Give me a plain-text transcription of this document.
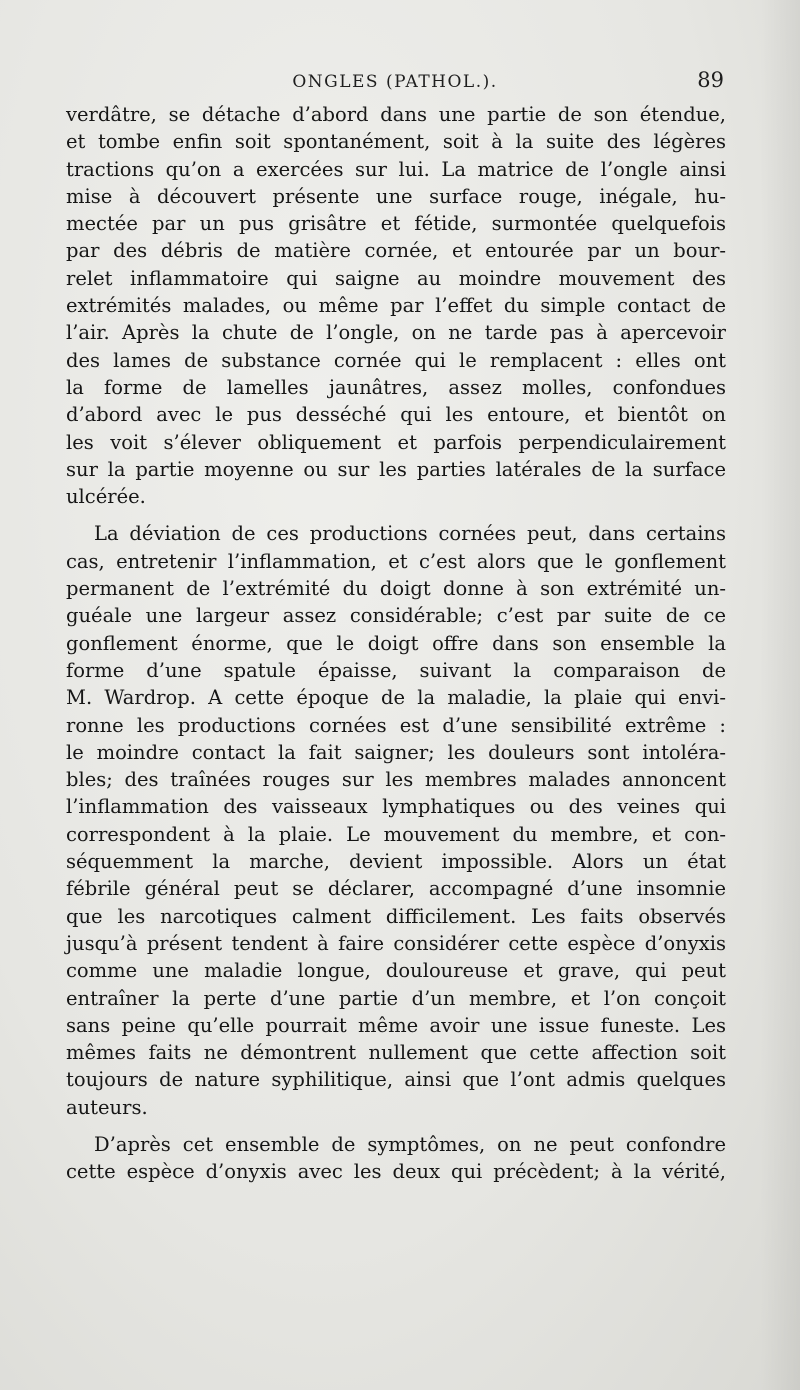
ONGLES (PATHOL.).	89
verdâtre, se détache d’abord dans une partie de son étendue,
et tombe enfin soit spontanément, soit à la suite des légères
tractions qu’on a exercées sur lui. La matrice de l’ongle ainsi
mise à découvert présente une surface rouge, inégale, hu-
mectée par un pus grisâtre et fétide, surmontée quelquefois
par des débris de matière cornée, et entourée par un bour-
relet inflammatoire qui saigne au moindre mouvement des
extrémités malades, ou même par l’effet du simple contact de
l’air. Après la chute de l’ongle, on ne tarde pas à apercevoir
des lames de substance cornée qui le remplacent : elles ont
la forme de lamelles jaunâtres, assez molles, confondues
d’abord avec le pus desséché qui les entoure, et bientôt on
les voit s’élever obliquement et parfois perpendiculairement
sur la partie moyenne ou sur les parties latérales de la surface
ulcérée.
La déviation de ces productions cornées peut, dans certains
cas, entretenir l’inflammation, et c’est alors que le gonflement
permanent de l’extrémité du doigt donne à son extrémité un-
guéale une largeur assez considérable; c’est par suite de ce
gonflement énorme, que le doigt offre dans son ensemble la
forme d’une spatule épaisse, suivant la comparaison de
M. Wardrop. A cette époque de la maladie, la plaie qui envi-
ronne les productions cornées est d’une sensibilité extrême :
le moindre contact la fait saigner; les douleurs sont intolérа-
bles; des traînées rouges sur les membres malades annoncent
l’inflammation des vaisseaux lymphatiques ou des veines qui
correspondent à la plaie. Le mouvement du membre, et con-
séquemment la marche, devient impossible. Alors un état
fébrile général peut se déclarer, accompagné d’une insomnie
que les narcotiques calment difficilement. Les faits observés
jusqu’à présent tendent à faire considérer cette espèce d’onyxis
comme une maladie longue, douloureuse et grave, qui peut
entraîner la perte d’une partie d’un membre, et l’on conçoit
sans peine qu’elle pourrait même avoir une issue funeste. Les
mêmes faits ne démontrent nullement que cette affection soit
toujours de nature syphilitique, ainsi que l’ont admis quelques
auteurs.
D’après cet ensemble de symptômes, on ne peut confondre
cette espèce d’onyxis avec les deux qui précèdent; à la vérité,
